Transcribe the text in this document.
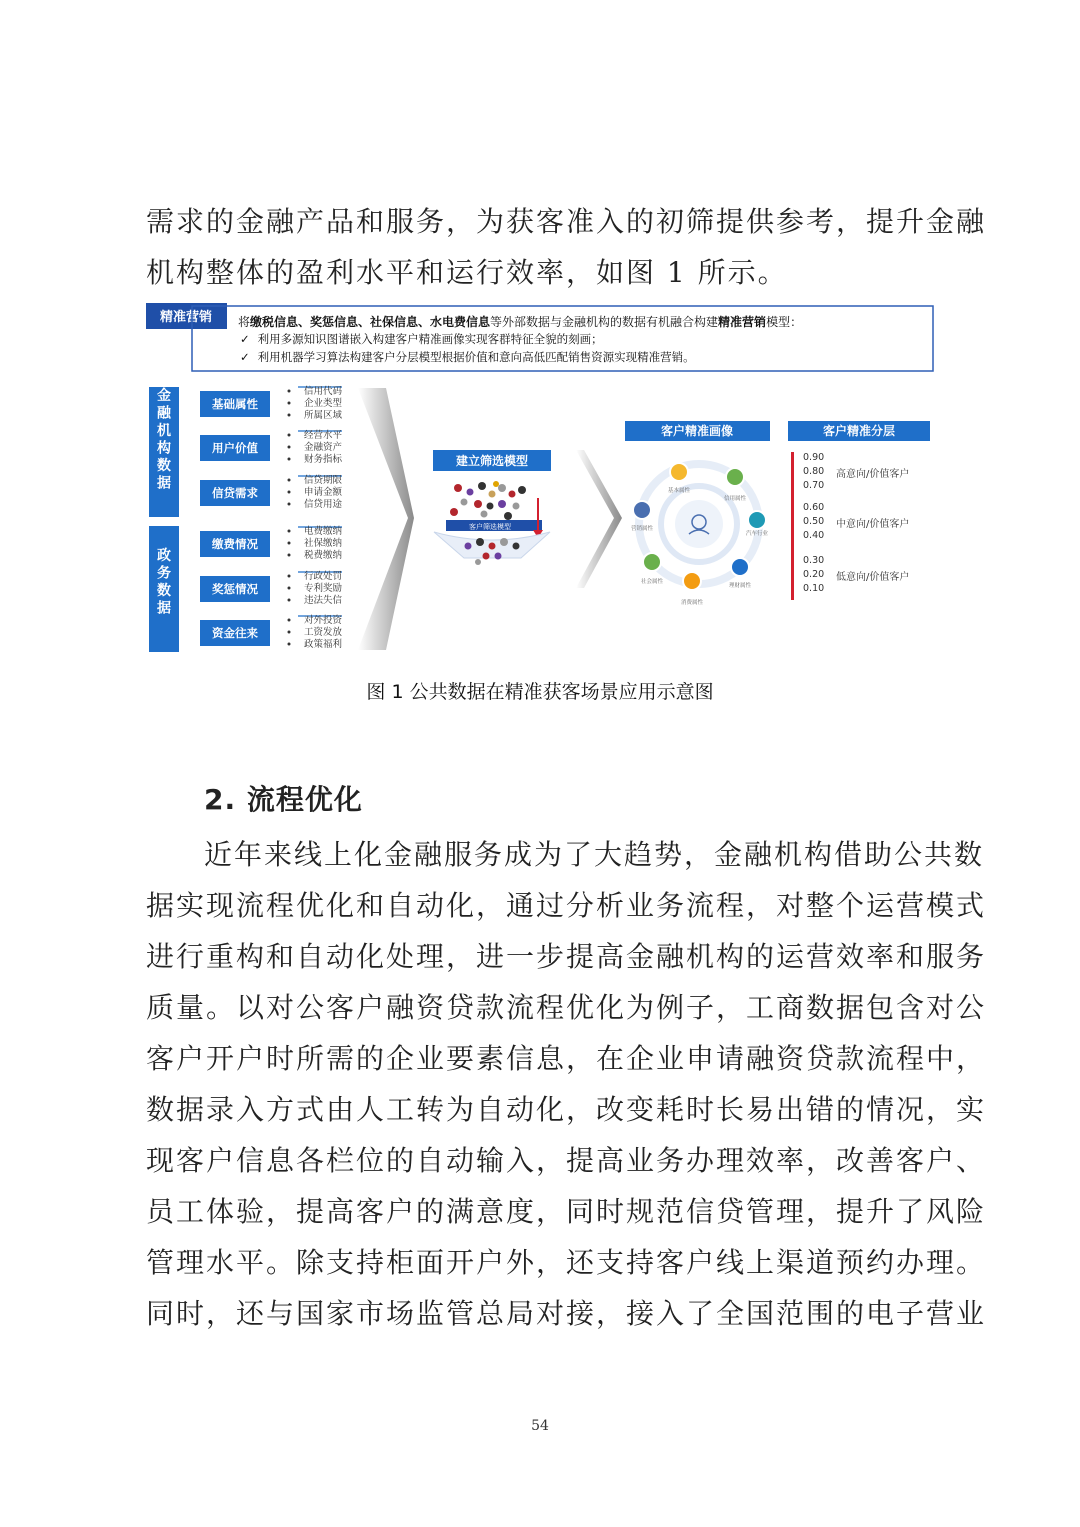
需求的金融产品和服务，为获客准入的初筛提供参考，提升金融
机构整体的盈利水平和运行效率，如图 1 所示。
精准营销 将缴税信息、奖惩信息、社保信息、水电费信息等外部数据与金融机构的数据有机融合构建精准营销模型：
✓ 利用多源知识图谱嵌入构建客户精准画像实现客群特征全貌的刻画；
✓ 利用机器学习算法构建客户分层模型根据价值和意向高低匹配销售资源实现精准营销。
金融机构数据
政务数据
基础属性
信用代码
企业类型
所属区域
用户价值
经营水平
金融资产
财务指标
信贷需求
信贷期限
申请金额
信贷用途
缴费情况
电费缴纳
社保缴纳
税费缴纳
奖惩情况
行政处罚
专利奖励
违法失信
资金往来
对外投资
工资发放
政策福利
建立筛选模型
客户筛选模型
客户精准画像
基本属性
信用属性
汽车行业
理财属性
消费属性
社会属性
营销属性
客户精准分层
0.90
0.80
0.70
高意向/价值客户
0.60
0.50
0.40
中意向/价值客户
0.30
0.20
0.10
低意向/价值客户
图 1 公共数据在精准获客场景应用示意图
2. 流程优化
近年来线上化金融服务成为了大趋势，金融机构借助公共数
据实现流程优化和自动化，通过分析业务流程，对整个运营模式
进行重构和自动化处理，进一步提高金融机构的运营效率和服务
质量。以对公客户融资贷款流程优化为例子，工商数据包含对公
客户开户时所需的企业要素信息，在企业申请融资贷款流程中，
数据录入方式由人工转为自动化，改变耗时长易出错的情况，实
现客户信息各栏位的自动输入，提高业务办理效率，改善客户、
员工体验，提高客户的满意度，同时规范信贷管理，提升了风险
管理水平。除支持柜面开户外，还支持客户线上渠道预约办理。
同时，还与国家市场监管总局对接，接入了全国范围的电子营业
54
